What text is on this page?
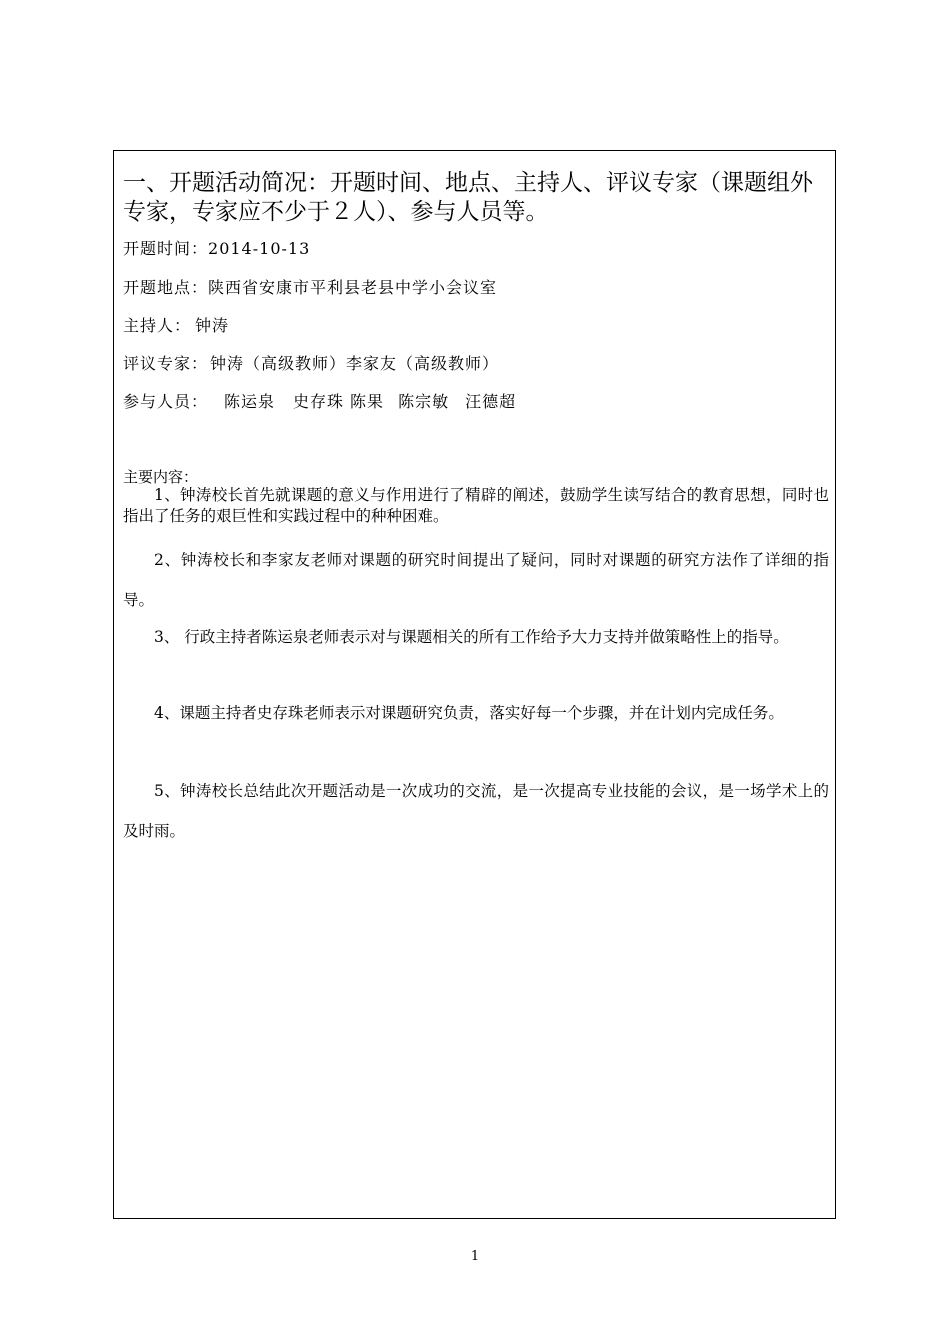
一、开题活动简况：开题时间、地点、主持人、评议专家（课题组外专家，专家应不少于２人）、参与人员等。

开题时间：2014-10-13

开题地点：陕西省安康市平利县老县中学小会议室

主持人： 钟涛

评议专家： 钟涛（高级教师）李家友（高级教师）

参与人员： 陈运泉 史存珠 陈果 陈宗敏 汪德超

主要内容：

1、钟涛校长首先就课题的意义与作用进行了精辟的阐述，鼓励学生读写结合的教育思想，同时也指出了任务的艰巨性和实践过程中的种种困难。

2、钟涛校长和李家友老师对课题的研究时间提出了疑问，同时对课题的研究方法作了详细的指导。

3、 行政主持者陈运泉老师表示对与课题相关的所有工作给予大力支持并做策略性上的指导。

4、课题主持者史存珠老师表示对课题研究负责，落实好每一个步骤，并在计划内完成任务。

5、钟涛校长总结此次开题活动是一次成功的交流，是一次提高专业技能的会议，是一场学术上的及时雨。

1
